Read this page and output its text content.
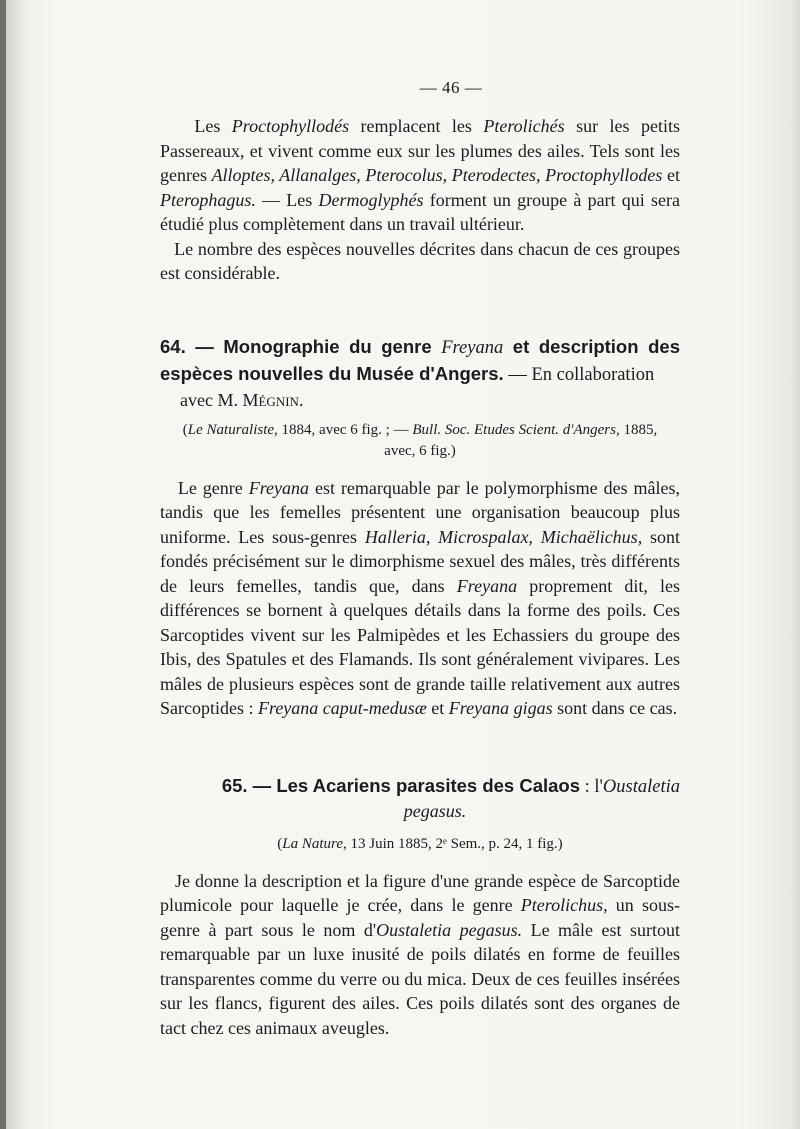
— 46 —

Les Proctophyllodés remplacent les Pterolichés sur les petits Passereaux, et vivent comme eux sur les plumes des ailes. Tels sont les genres Alloptes, Allanalges, Pterocolus, Pterodectes, Proctophyllodes et Pterophagus. — Les Dermoglyphés forment un groupe à part qui sera étudié plus complètement dans un travail ultérieur.

Le nombre des espèces nouvelles décrites dans chacun de ces groupes est considérable.

64. — Monographie du genre Freyana et description des espèces nouvelles du Musée d'Angers. — En collaboration
avec M. Mégnin.
(Le Naturaliste, 1884, avec 6 fig. ; — Bull. Soc. Etudes Scient. d'Angers, 1885,
avec, 6 fig.)

Le genre Freyana est remarquable par le polymorphisme des mâles, tandis que les femelles présentent une organisation beaucoup plus uniforme. Les sous-genres Halleria, Microspalax, Michaëlichus, sont fondés précisément sur le dimorphisme sexuel des mâles, très différents de leurs femelles, tandis que, dans Freyana proprement dit, les différences se bornent à quelques détails dans la forme des poils. Ces Sarcoptides vivent sur les Palmipèdes et les Echassiers du groupe des Ibis, des Spatules et des Flamands. Ils sont généralement vivipares. Les mâles de plusieurs espèces sont de grande taille relativement aux autres Sarcoptides : Freyana caput-medusæ et Freyana gigas sont dans ce cas.

65. — Les Acariens parasites des Calaos : l'Oustaletia
pegasus.
(La Nature, 13 Juin 1885, 2ᵉ Sem., p. 24, 1 fig.)

Je donne la description et la figure d'une grande espèce de Sarcoptide plumicole pour laquelle je crée, dans le genre Pterolichus, un sous-genre à part sous le nom d'Oustaletia pegasus. Le mâle est surtout remarquable par un luxe inusité de poils dilatés en forme de feuilles transparentes comme du verre ou du mica. Deux de ces feuilles insérées sur les flancs, figurent des ailes. Ces poils dilatés sont des organes de tact chez ces animaux aveugles.
